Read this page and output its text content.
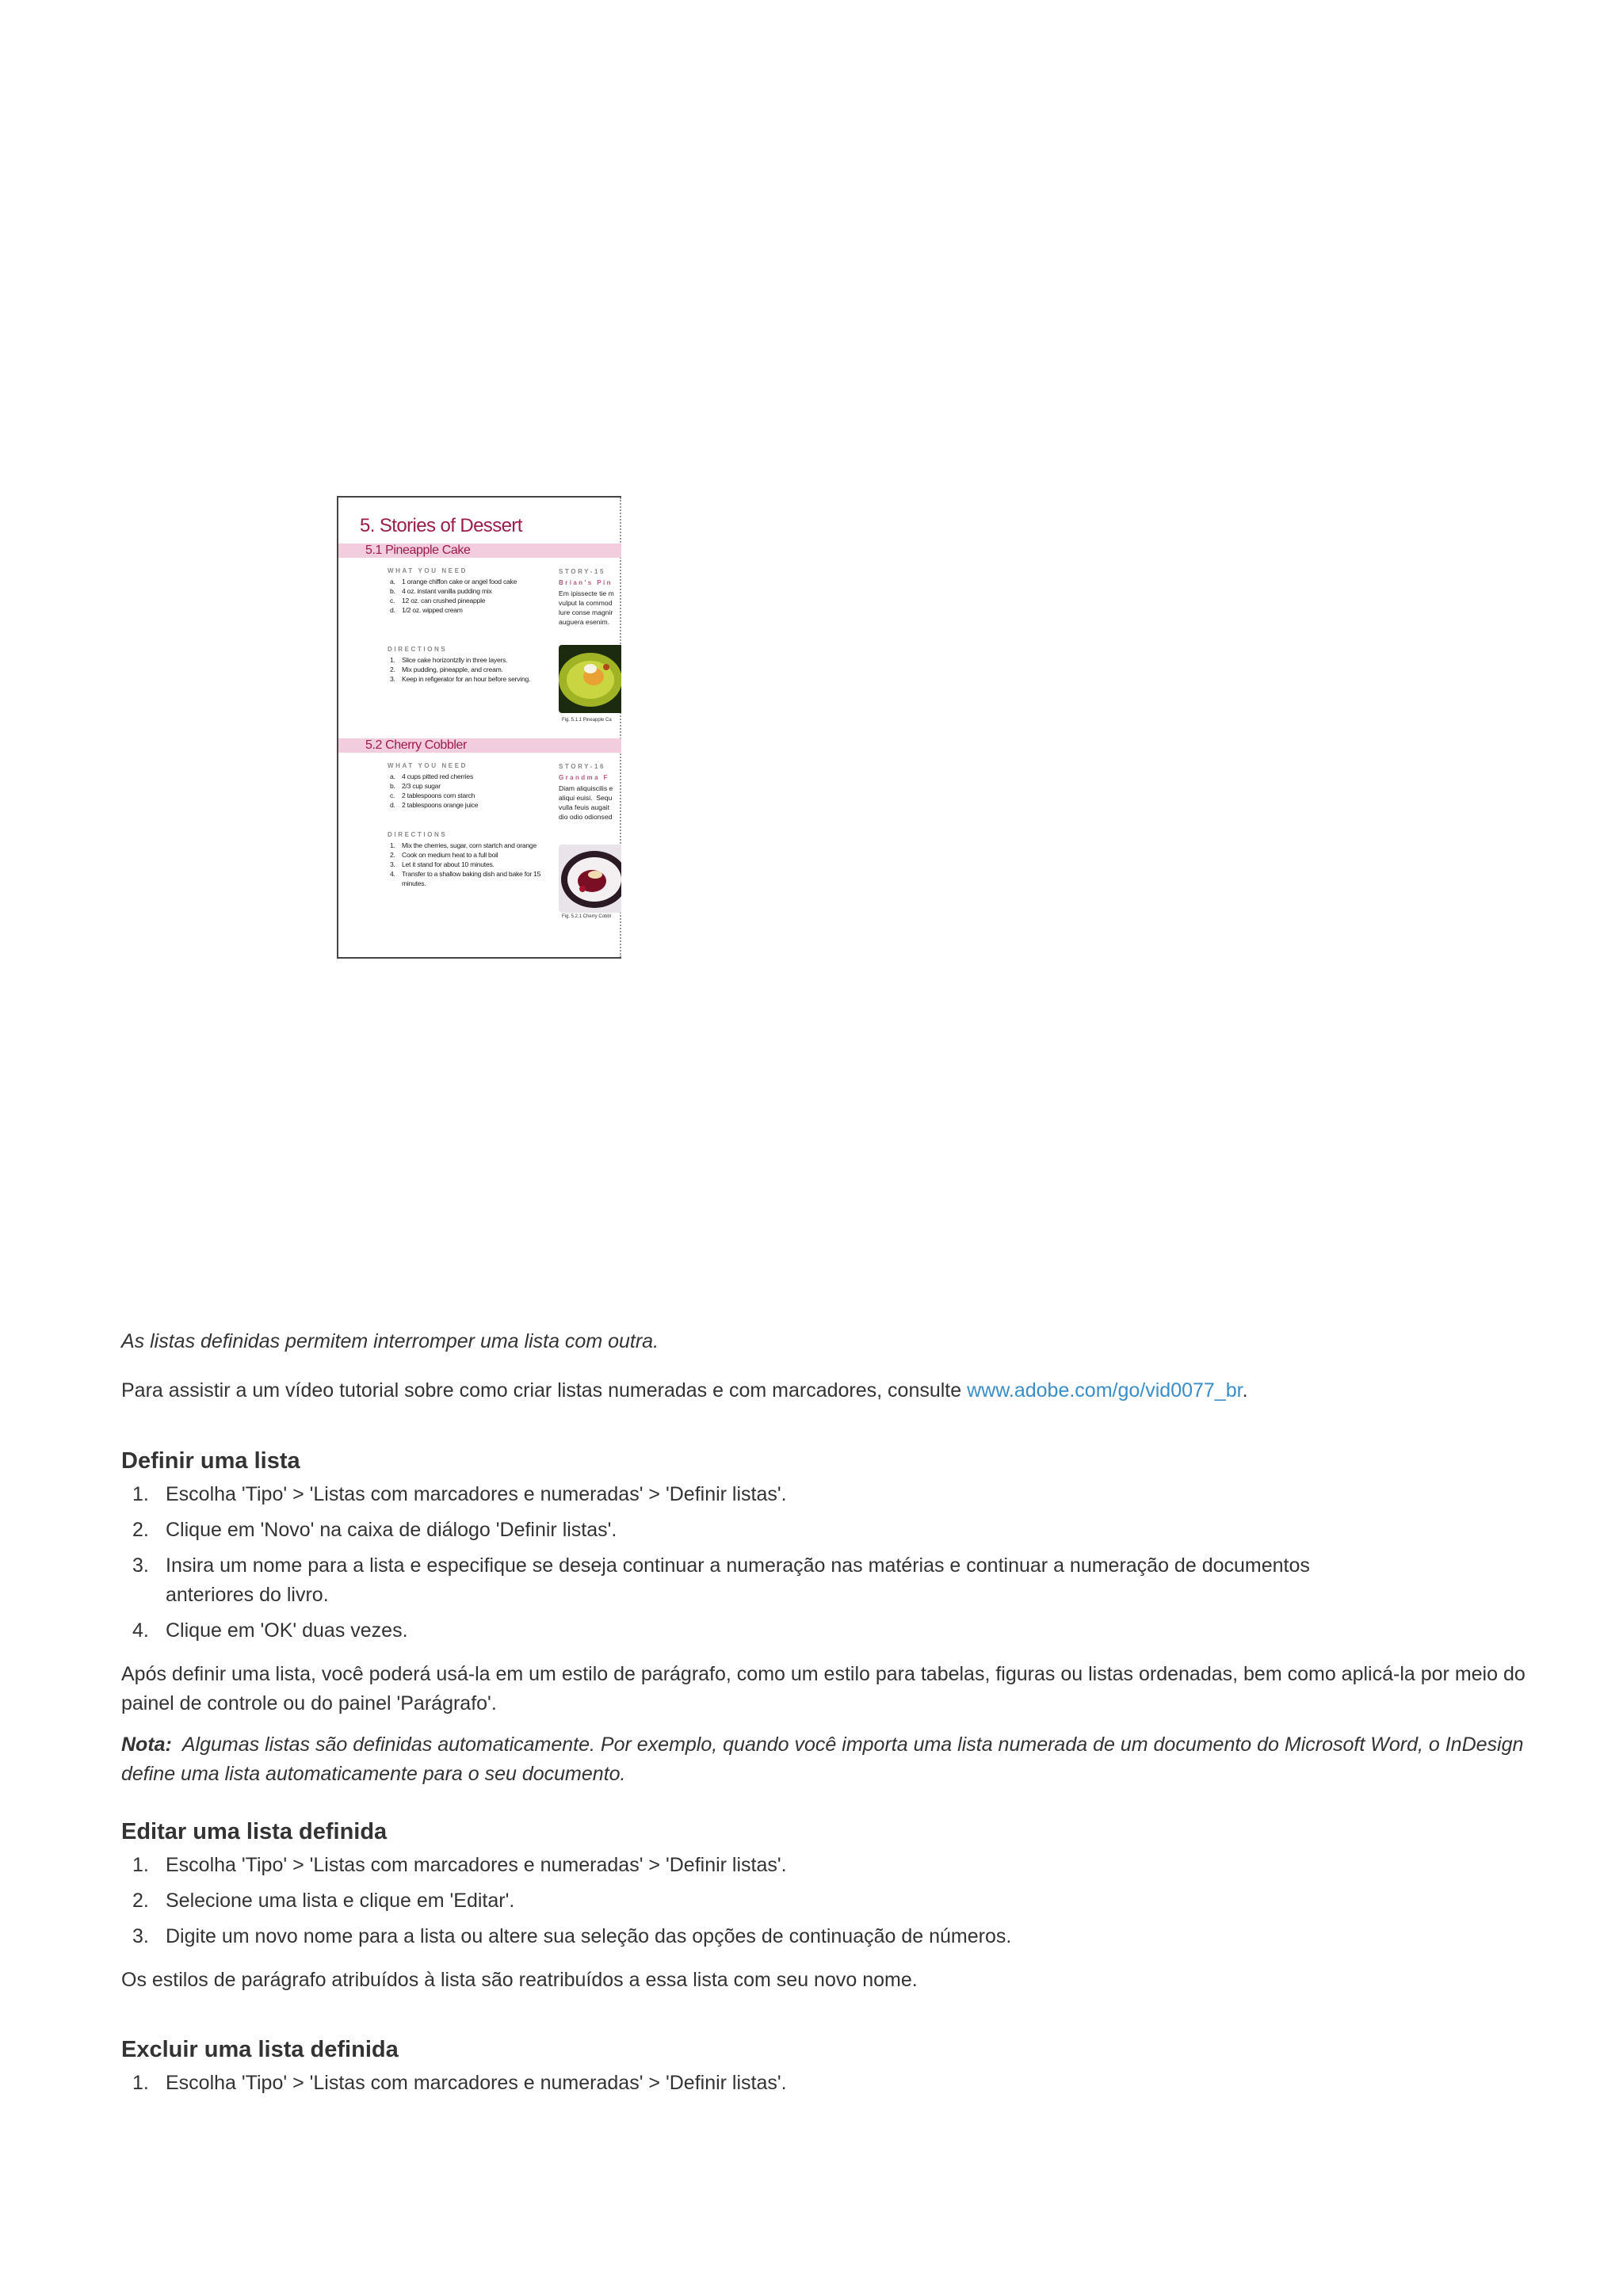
5. Stories of Dessert
5.1 Pineapple Cake
WHAT YOU NEED
a. 1 orange chiffon cake or angel food cake
b. 4 oz. instant vanilla pudding mix
c. 12 oz. can crushed pineapple
d. 1/2 oz. wipped cream
DIRECTIONS
1. Slice cake horizontzlly in three layers.
2. Mix pudding, pineapple, and cream.
3. Keep in refigerator for an hour before serving.
STORY-15
Brian's Pin
Em ipissecte tie m
vulput la commod
lure conse magnir
auguera esenim.
Fig. 5.1.1 Pineapple Ca
5.2 Cherry Cobbler
WHAT YOU NEED
a. 4 cups pitted red cherries
b. 2/3 cup sugar
c. 2 tablespoons corn starch
d. 2 tablespoons orange juice
DIRECTIONS
1. Mix the cherries, sugar, corn startch and orange
2. Cook on medium heat to a full boil
3. Let it stand for about 10 minutes.
4. Transfer to a shallow baking dish and bake for 15 minutes.
STORY-16
Grandma F
Diam aliquiscilis e
aliqui euisi.  Sequ
vulla feuis augait
dio odio odionsed
Fig. 5.2.1 Cherry Cobbl

As listas definidas permitem interromper uma lista com outra.

Para assistir a um vídeo tutorial sobre como criar listas numeradas e com marcadores, consulte www.adobe.com/go/vid0077_br.

Definir uma lista
1. Escolha 'Tipo' > 'Listas com marcadores e numeradas' > 'Definir listas'.
2. Clique em 'Novo' na caixa de diálogo 'Definir listas'.
3. Insira um nome para a lista e especifique se deseja continuar a numeração nas matérias e continuar a numeração de documentos anteriores do livro.
4. Clique em 'OK' duas vezes.

Após definir uma lista, você poderá usá-la em um estilo de parágrafo, como um estilo para tabelas, figuras ou listas ordenadas, bem como aplicá-la por meio do painel de controle ou do painel 'Parágrafo'.

Nota: Algumas listas são definidas automaticamente. Por exemplo, quando você importa uma lista numerada de um documento do Microsoft Word, o InDesign define uma lista automaticamente para o seu documento.

Editar uma lista definida
1. Escolha 'Tipo' > 'Listas com marcadores e numeradas' > 'Definir listas'.
2. Selecione uma lista e clique em 'Editar'.
3. Digite um novo nome para a lista ou altere sua seleção das opções de continuação de números.

Os estilos de parágrafo atribuídos à lista são reatribuídos a essa lista com seu novo nome.

Excluir uma lista definida
1. Escolha 'Tipo' > 'Listas com marcadores e numeradas' > 'Definir listas'.
